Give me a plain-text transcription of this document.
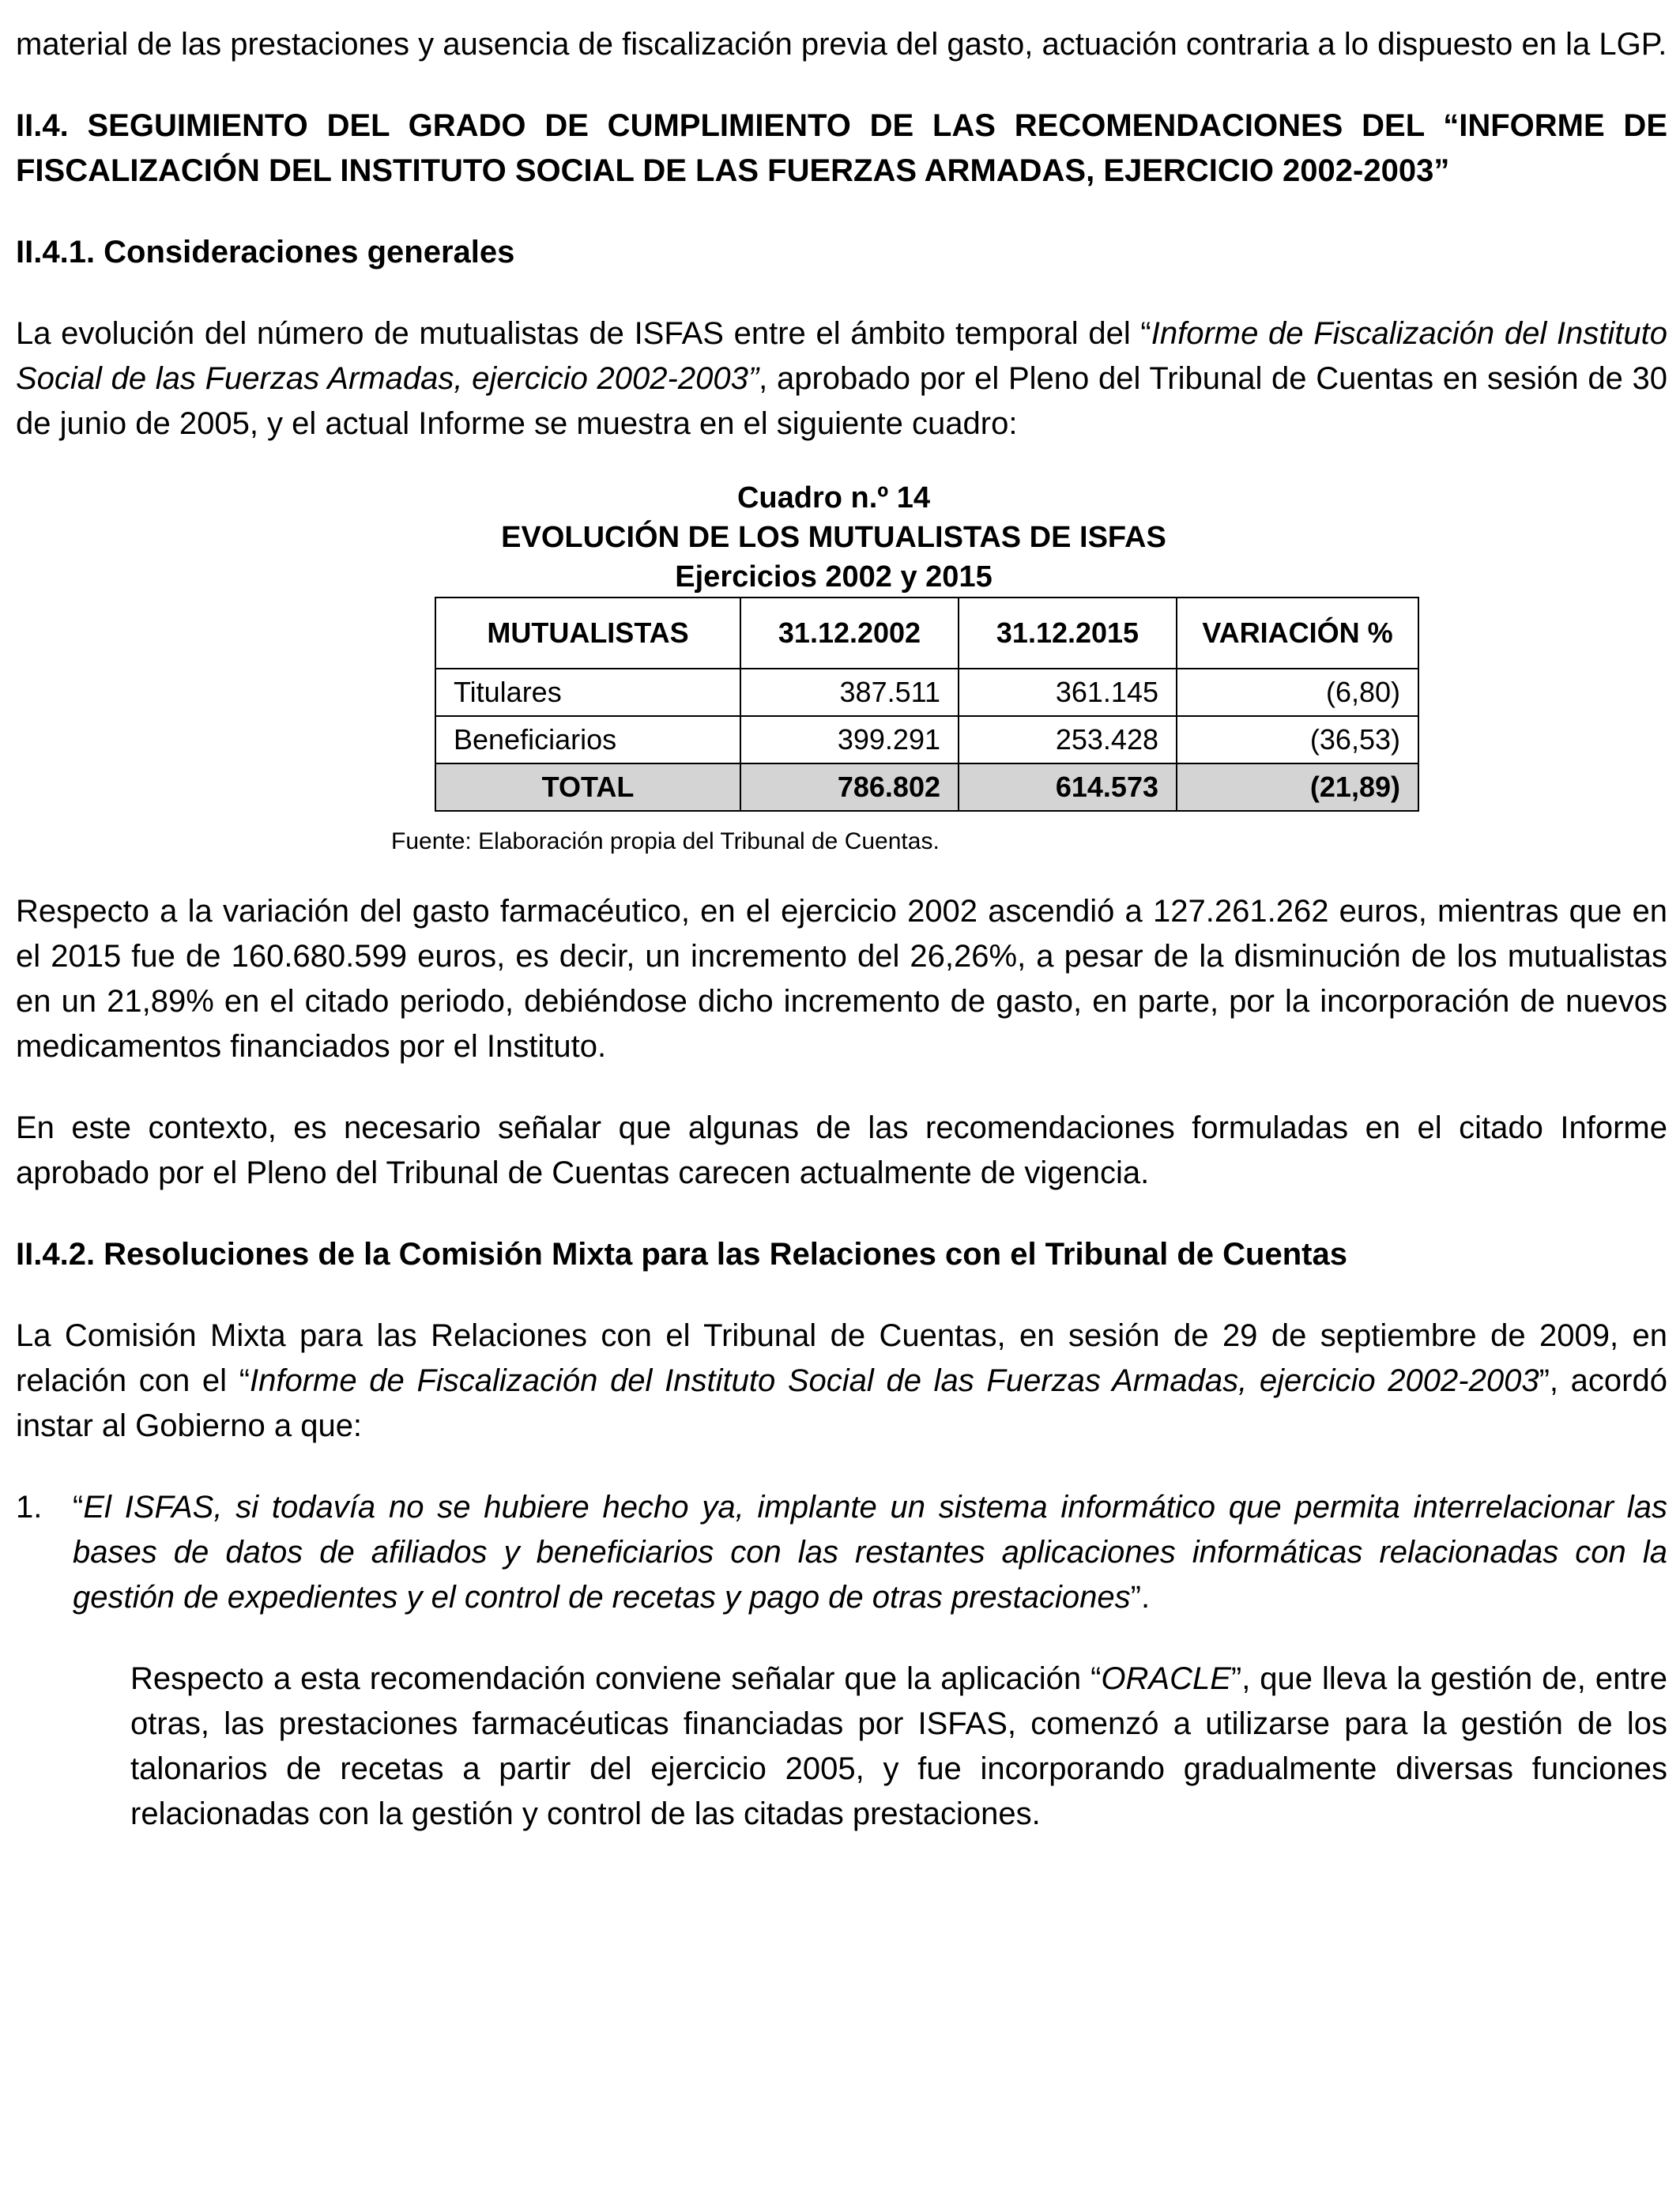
material de las prestaciones y ausencia de fiscalización previa del gasto, actuación contraria a lo dispuesto en la LGP.

II.4. SEGUIMIENTO DEL GRADO DE CUMPLIMIENTO DE LAS RECOMENDACIONES DEL “INFORME DE FISCALIZACIÓN DEL INSTITUTO SOCIAL DE LAS FUERZAS ARMADAS, EJERCICIO 2002-2003”

II.4.1. Consideraciones generales

La evolución del número de mutualistas de ISFAS entre el ámbito temporal del “Informe de Fiscalización del Instituto Social de las Fuerzas Armadas, ejercicio 2002-2003”, aprobado por el Pleno del Tribunal de Cuentas en sesión de 30 de junio de 2005, y el actual Informe se muestra en el siguiente cuadro:

Cuadro n.º 14

EVOLUCIÓN DE LOS MUTUALISTAS DE ISFAS

Ejercicios 2002 y 2015

MUTUALISTAS	31.12.2002	31.12.2015	VARIACIÓN %
Titulares	387.511	361.145	(6,80)
Beneficiarios	399.291	253.428	(36,53)
TOTAL	786.802	614.573	(21,89)

Fuente: Elaboración propia del Tribunal de Cuentas.

Respecto a la variación del gasto farmacéutico, en el ejercicio 2002 ascendió a 127.261.262 euros, mientras que en el 2015 fue de 160.680.599 euros, es decir, un incremento del 26,26%, a pesar de la disminución de los mutualistas en un 21,89% en el citado periodo, debiéndose dicho incremento de gasto, en parte, por la incorporación de nuevos medicamentos financiados por el Instituto.

En este contexto, es necesario señalar que algunas de las recomendaciones formuladas en el citado Informe aprobado por el Pleno del Tribunal de Cuentas carecen actualmente de vigencia.

II.4.2. Resoluciones de la Comisión Mixta para las Relaciones con el Tribunal de Cuentas

La Comisión Mixta para las Relaciones con el Tribunal de Cuentas, en sesión de 29 de septiembre de 2009, en relación con el “Informe de Fiscalización del Instituto Social de las Fuerzas Armadas, ejercicio 2002-2003”, acordó instar al Gobierno a que:

1. “El ISFAS, si todavía no se hubiere hecho ya, implante un sistema informático que permita interrelacionar las bases de datos de afiliados y beneficiarios con las restantes aplicaciones informáticas relacionadas con la gestión de expedientes y el control de recetas y pago de otras prestaciones”.

Respecto a esta recomendación conviene señalar que la aplicación “ORACLE”, que lleva la gestión de, entre otras, las prestaciones farmacéuticas financiadas por ISFAS, comenzó a utilizarse para la gestión de los talonarios de recetas a partir del ejercicio 2005, y fue incorporando gradualmente diversas funciones relacionadas con la gestión y control de las citadas prestaciones.
